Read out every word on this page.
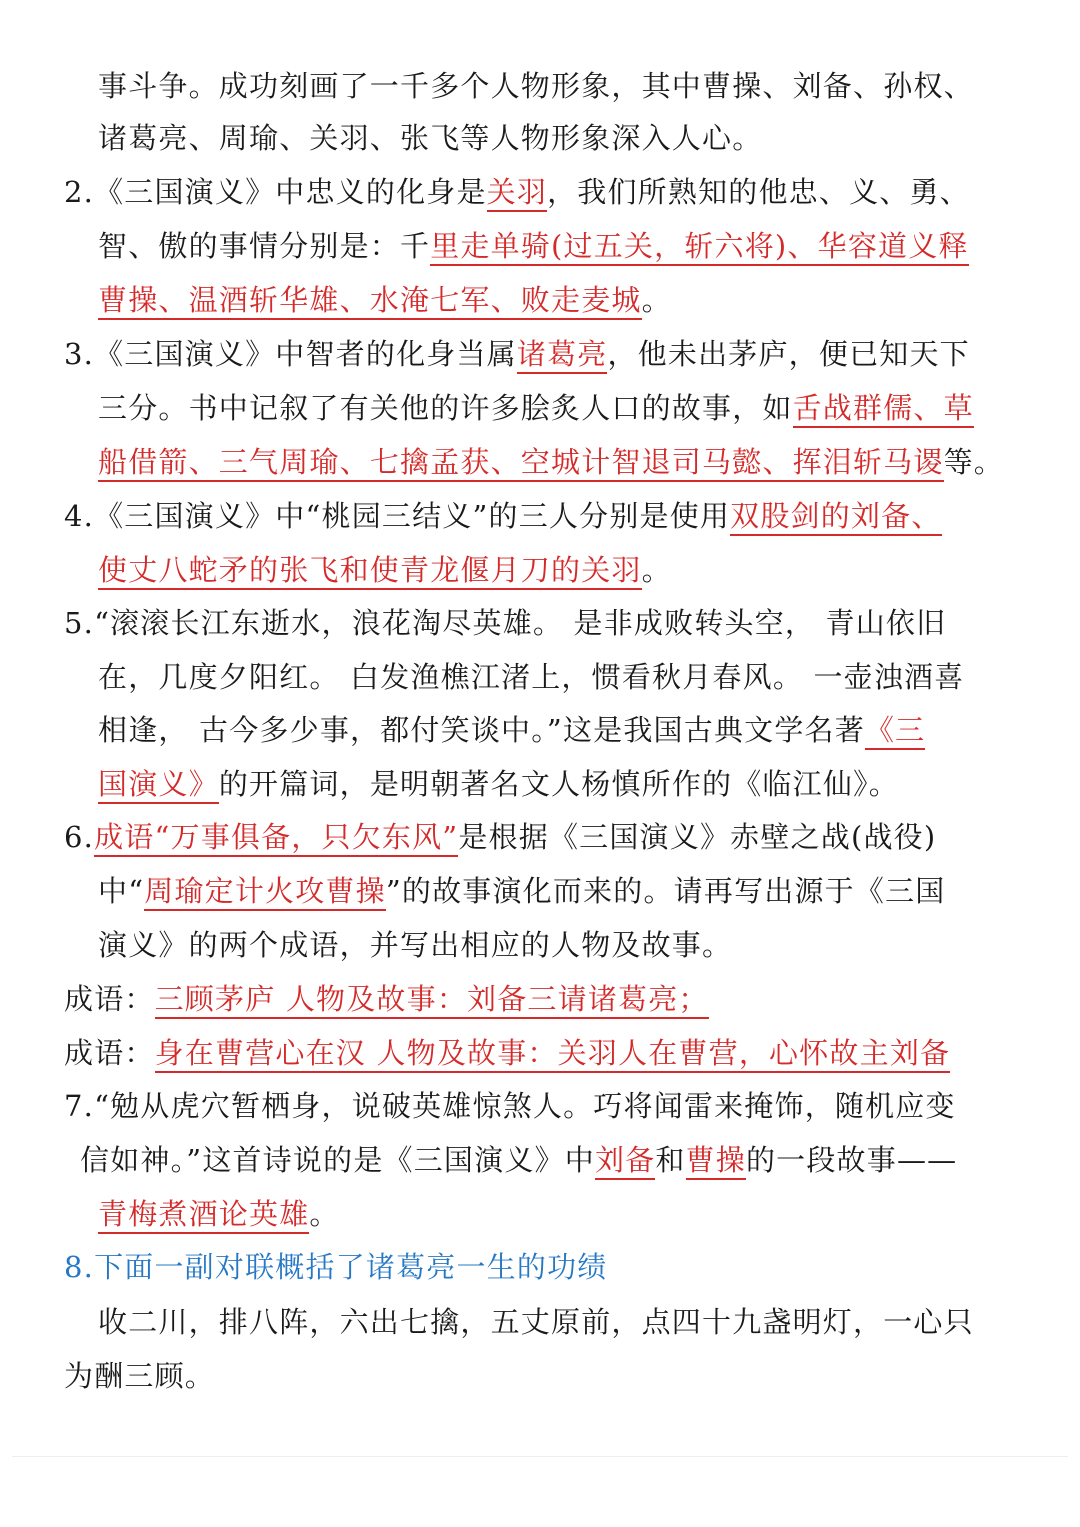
事斗争。成功刻画了一千多个人物形象，其中曹操、刘备、孙权、
诸葛亮、周瑜、关羽、张飞等人物形象深入人心。
2.《三国演义》中忠义的化身是关羽，我们所熟知的他忠、义、勇、
智、傲的事情分别是：千里走单骑(过五关，斩六将)、华容道义释
曹操、温酒斩华雄、水淹七军、败走麦城。
3.《三国演义》中智者的化身当属诸葛亮，他未出茅庐，便已知天下
三分。书中记叙了有关他的许多脍炙人口的故事，如舌战群儒、草
船借箭、三气周瑜、七擒孟获、空城计智退司马懿、挥泪斩马谡等。
4.《三国演义》中“桃园三结义”的三人分别是使用双股剑的刘备、
使丈八蛇矛的张飞和使青龙偃月刀的关羽。
5.“滚滚长江东逝水，浪花淘尽英雄。 是非成败转头空， 青山依旧
在，几度夕阳红。 白发渔樵江渚上，惯看秋月春风。 一壶浊酒喜
相逢， 古今多少事，都付笑谈中。”这是我国古典文学名著《三
国演义》的开篇词，是明朝著名文人杨慎所作的《临江仙》。
6.成语“万事俱备，只欠东风”是根据《三国演义》赤壁之战(战役)
中“周瑜定计火攻曹操”的故事演化而来的。请再写出源于《三国
演义》的两个成语，并写出相应的人物及故事。
成语：三顾茅庐 人物及故事：刘备三请诸葛亮；
成语：身在曹营心在汉 人物及故事：关羽人在曹营，心怀故主刘备
7.“勉从虎穴暂栖身，说破英雄惊煞人。巧将闻雷来掩饰，随机应变
信如神。”这首诗说的是《三国演义》中刘备和曹操的一段故事——
青梅煮酒论英雄。
8.下面一副对联概括了诸葛亮一生的功绩
收二川，排八阵，六出七擒，五丈原前，点四十九盏明灯，一心只
为酬三顾。
